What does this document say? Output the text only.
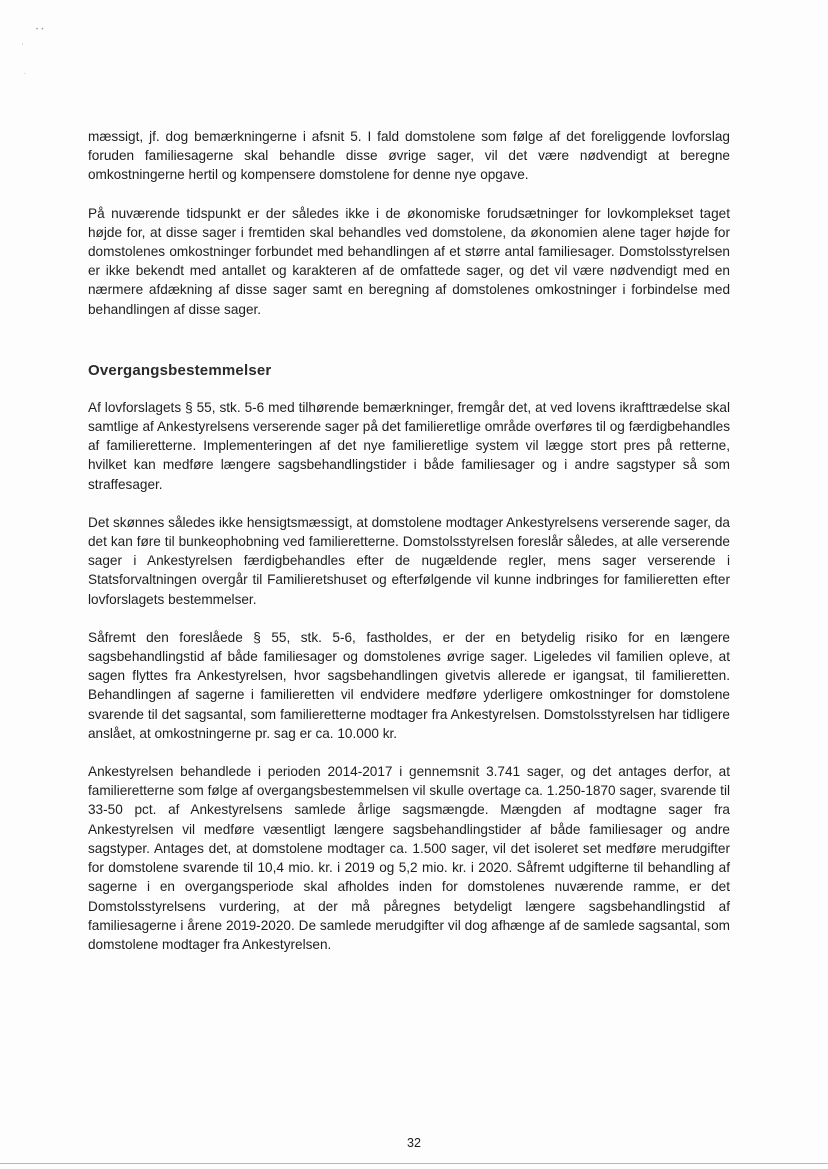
•  •
'
.

mæssigt, jf. dog bemærkningerne i afsnit 5. I fald domstolene som følge af det foreliggende lovforslag foruden familiesagerne skal behandle disse øvrige sager, vil det være nødvendigt at beregne omkostningerne hertil og kompensere domstolene for denne nye opgave.

På nuværende tidspunkt er der således ikke i de økonomiske forudsætninger for lovkomplekset taget højde for, at disse sager i fremtiden skal behandles ved domstolene, da økonomien alene tager højde for domstolenes omkostninger forbundet med behandlingen af et større antal familiesager. Domstolsstyrelsen er ikke bekendt med antallet og karakteren af de omfattede sager, og det vil være nødvendigt med en nærmere afdækning af disse sager samt en beregning af domstolenes omkostninger i forbindelse med behandlingen af disse sager.

Overgangsbestemmelser

Af lovforslagets § 55, stk. 5-6 med tilhørende bemærkninger, fremgår det, at ved lovens ikrafttrædelse skal samtlige af Ankestyrelsens verserende sager på det familieretlige område overføres til og færdigbehandles af familieretterne. Implementeringen af det nye familieretlige system vil lægge stort pres på retterne, hvilket kan medføre længere sagsbehandlingstider i både familiesager og i andre sagstyper så som straffesager.

Det skønnes således ikke hensigtsmæssigt, at domstolene modtager Ankestyrelsens verserende sager, da det kan føre til bunkeophobning ved familieretterne. Domstolsstyrelsen foreslår således, at alle verserende sager i Ankestyrelsen færdigbehandles efter de nugældende regler, mens sager verserende i Statsforvaltningen overgår til Familieretshuset og efterfølgende vil kunne indbringes for familieretten efter lovforslagets bestemmelser.

Såfremt den foreslåede § 55, stk. 5-6, fastholdes, er der en betydelig risiko for en længere sagsbehandlingstid af både familiesager og domstolenes øvrige sager. Ligeledes vil familien opleve, at sagen flyttes fra Ankestyrelsen, hvor sagsbehandlingen givetvis allerede er igangsat, til familieretten. Behandlingen af sagerne i familieretten vil endvidere medføre yderligere omkostninger for domstolene svarende til det sagsantal, som familieretterne modtager fra Ankestyrelsen. Domstolsstyrelsen har tidligere anslået, at omkostningerne pr. sag er ca. 10.000 kr.

Ankestyrelsen behandlede i perioden 2014-2017 i gennemsnit 3.741 sager, og det antages derfor, at familieretterne som følge af overgangsbestemmelsen vil skulle overtage ca. 1.250-1870 sager, svarende til 33-50 pct. af Ankestyrelsens samlede årlige sagsmængde. Mængden af modtagne sager fra Ankestyrelsen vil medføre væsentligt længere sagsbehandlingstider af både familiesager og andre sagstyper. Antages det, at domstolene modtager ca. 1.500 sager, vil det isoleret set medføre merudgifter for domstolene svarende til 10,4 mio. kr. i 2019 og 5,2 mio. kr. i 2020. Såfremt udgifterne til behandling af sagerne i en overgangsperiode skal afholdes inden for domstolenes nuværende ramme, er det Domstolsstyrelsens vurdering, at der må påregnes betydeligt længere sagsbehandlingstid af familiesagerne i årene 2019-2020. De samlede merudgifter vil dog afhænge af de samlede sagsantal, som domstolene modtager fra Ankestyrelsen.

32
